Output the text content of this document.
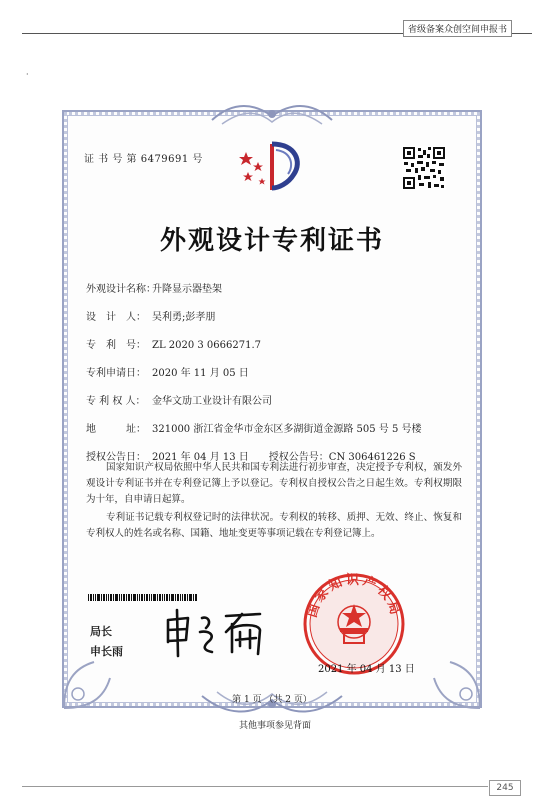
省级备案众创空间申报书
·
证 书 号 第 6479691 号
外观设计专利证书
外观设计名称：升降显示器垫架
设　计　人： 吴利勇;彭孝朋
专　利　号： ZL 2020 3 0666271.7
专利申请日： 2020 年 11 月 05 日
专 利 权 人： 金华文劢工业设计有限公司
地　　　址： 321000 浙江省金华市金东区多湖街道金源路 505 号 5 号楼
授权公告日： 2021 年 04 月 13 日　　授权公告号：CN 306461226 S
国家知识产权局依照中华人民共和国专利法进行初步审查，决定授予专利权，颁发外观设计专利证书并在专利登记簿上予以登记。专利权自授权公告之日起生效。专利权期限为十年，自申请日起算。
专利证书记载专利权登记时的法律状况。专利权的转移、质押、无效、终止、恢复和专利权人的姓名或名称、国籍、地址变更等事项记载在专利登记簿上。
局长
申长雨
国家知识产权局
2021 年 04 月 13 日
第 1 页 （共 2 页）
其他事项参见背面
245
